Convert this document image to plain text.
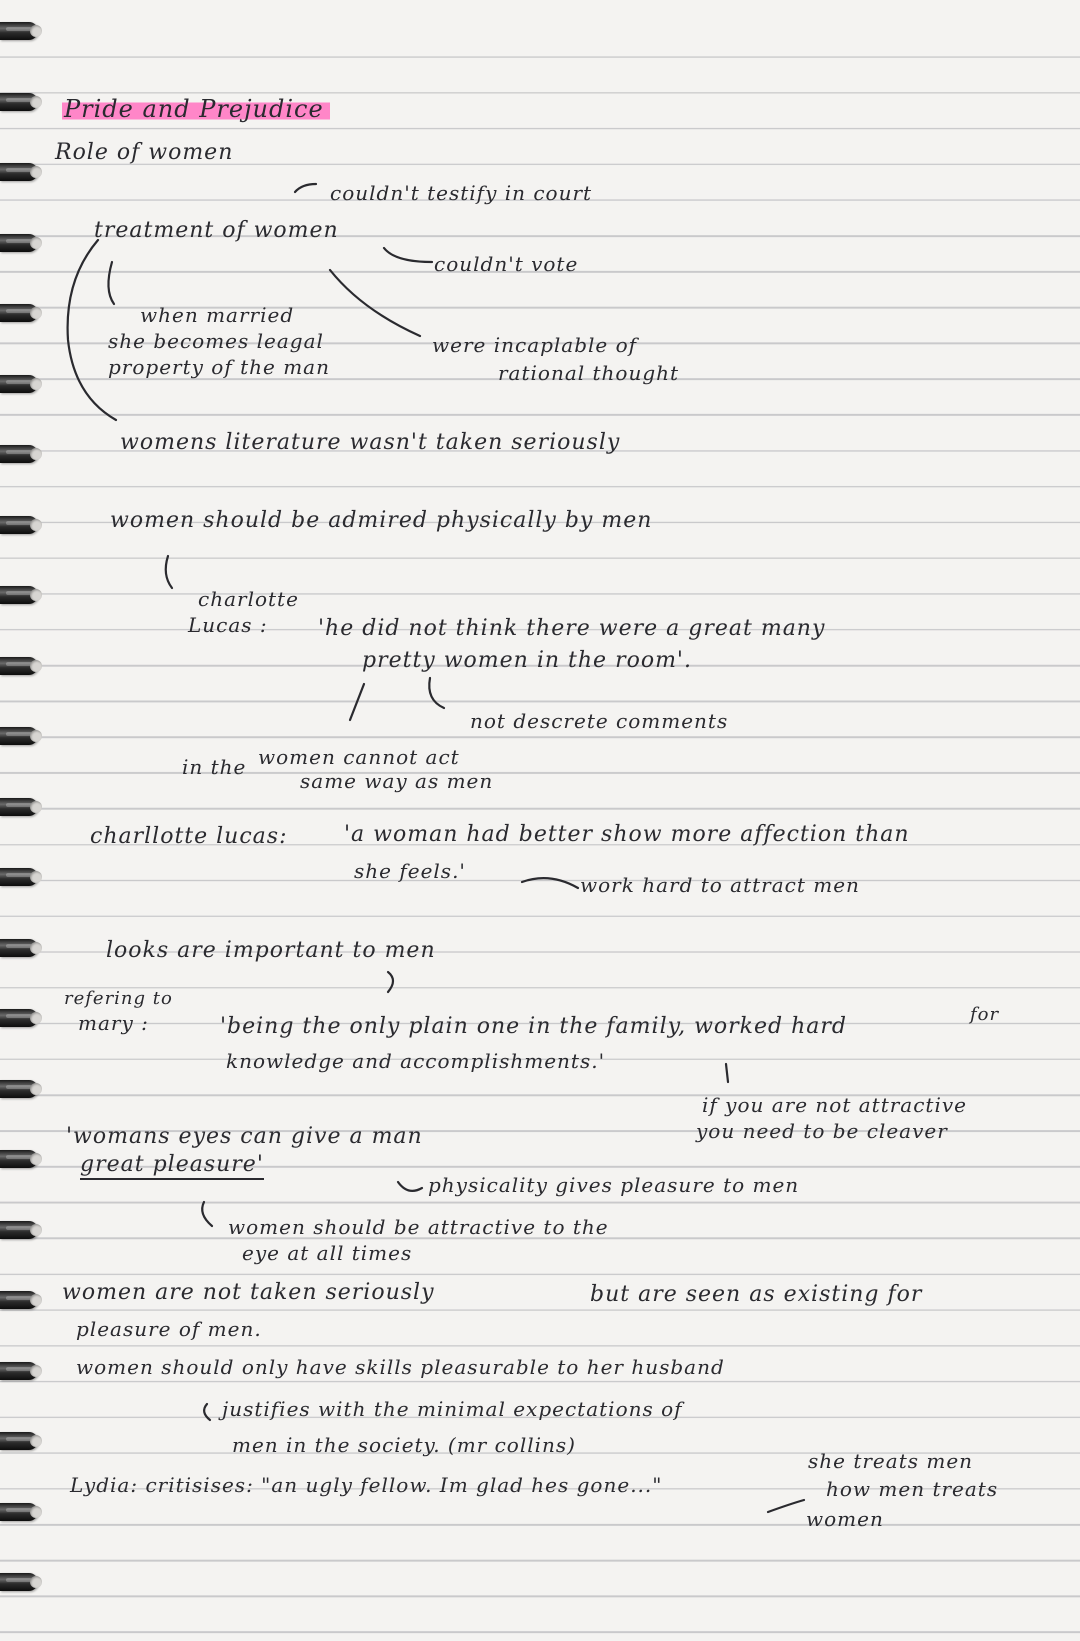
Pride and Prejudice
Role of women
couldn't testify in court
treatment of women
couldn't vote
when married
she becomes leagal	were incaplable of
property of the man	rational thought
womens literature wasn't taken seriously
women should be admired physically by men
charlotte
Lucas : 'he did not think there were a great many
pretty women in the room'.
not descrete comments
women cannot act
in the
same way as men
charllotte lucas:	'a woman had better show more affection than
she feels.'
work hard to attract men
looks are important to men
refering to
mary :	'being the only plain one in the family, worked hard	for
knowledge and accomplishments.'
if you are not attractive
you need to be cleaver
'womans eyes can give a man
great pleasure'
physicality gives pleasure to men
women should be attractive to the
eye at all times
women are not taken seriously	but are seen as existing for
pleasure of men.
women should only have skills pleasurable to her husband
justifies with the minimal expectations of
men in the society. (mr collins)
Lydia: critisises: "an ugly fellow. Im glad hes gone..."
she treats men
how men treats
women
